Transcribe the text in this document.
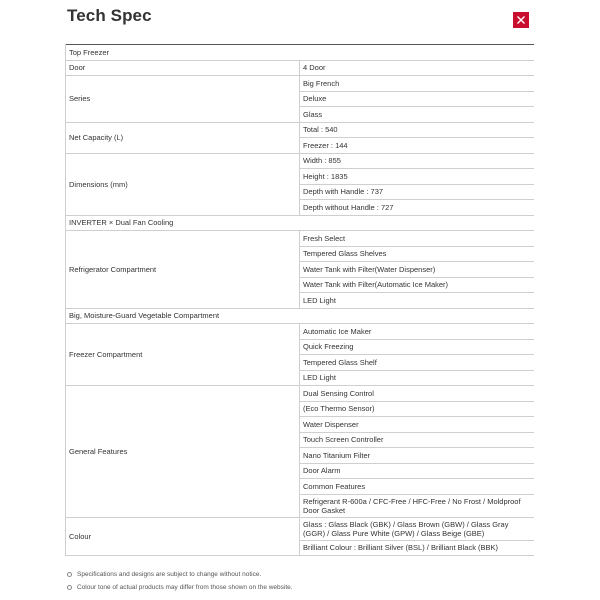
Tech Spec
Top Freezer	
Door	4 Door
Series	Big French
	Deluxe
	Glass
Net Capacity (L)	Total : 540
	Freezer : 144
Dimensions (mm)	Width : 855
	Height : 1835
	Depth with Handle : 737
	Depth without Handle : 727
INVERTER × Dual Fan Cooling	
Refrigerator Compartment	Fresh Select
	Tempered Glass Shelves
	Water Tank with Filter(Water Dispenser)
	Water Tank with Filter(Automatic Ice Maker)
	LED Light
Big, Moisture-Guard Vegetable Compartment	
Freezer Compartment	Automatic Ice Maker
	Quick Freezing
	Tempered Glass Shelf
	LED Light
General Features	Dual Sensing Control
	(Eco Thermo Sensor)
	Water Dispenser
	Touch Screen Controller
	Nano Titanium Filter
	Door Alarm
	Common Features
	Refrigerant R-600a / CFC-Free / HFC-Free / No Frost / Moldproof Door Gasket
Colour	Glass : Glass Black (GBK) / Glass Brown (GBW) / Glass Gray (GGR) / Glass Pure White (GPW) / Glass Beige (GBE)
	Brilliant Colour : Brilliant Silver (BSL) / Brilliant Black (BBK)
Specifications and designs are subject to change without notice.
Colour tone of actual products may differ from those shown on the website.
